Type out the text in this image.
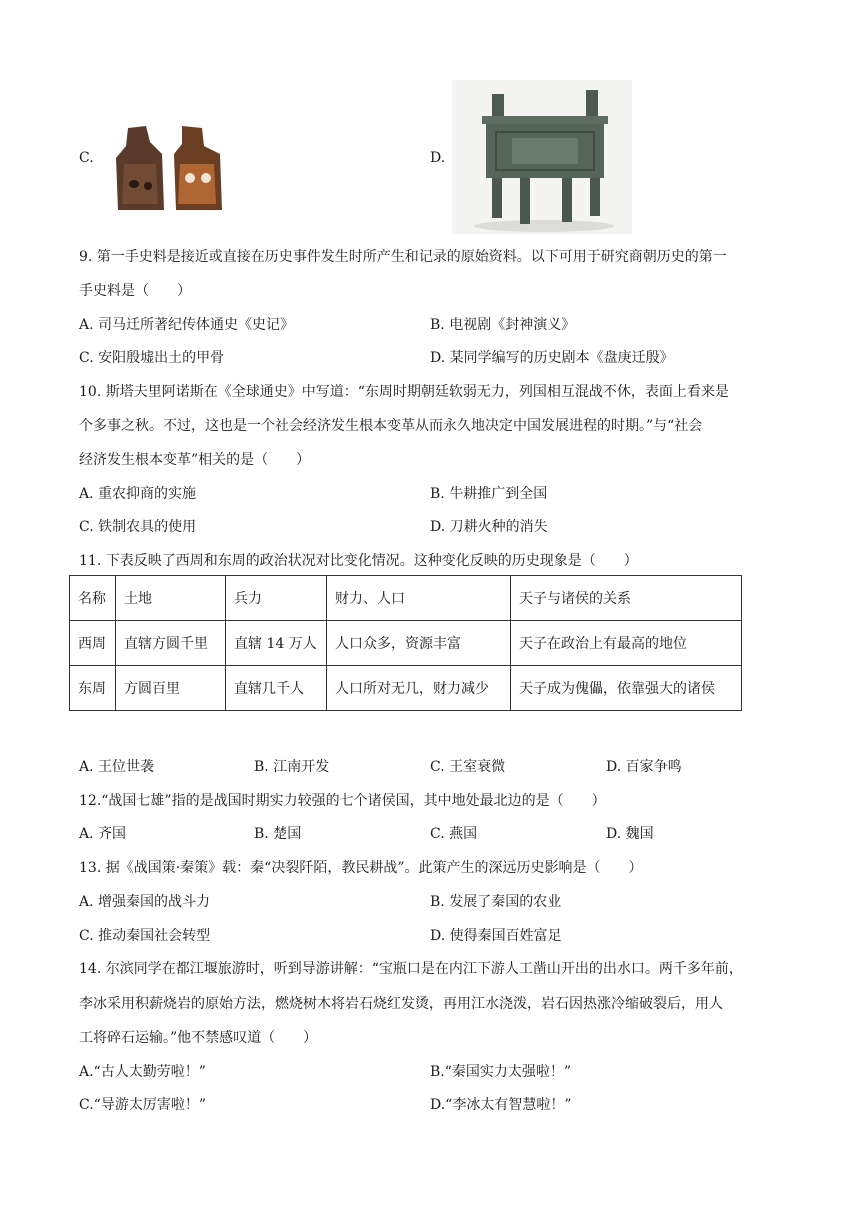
C.	D.
9. 第一手史料是接近或直接在历史事件发生时所产生和记录的原始资料。以下可用于研究商朝历史的第一
手史料是（　　）
A. 司马迁所著纪传体通史《史记》	B. 电视剧《封神演义》
C. 安阳殷墟出土的甲骨	D. 某同学编写的历史剧本《盘庚迁殷》
10. 斯塔夫里阿诺斯在《全球通史》中写道：“东周时期朝廷软弱无力，列国相互混战不休，表面上看来是
个多事之秋。不过，这也是一个社会经济发生根本变革从而永久地决定中国发展进程的时期。”与“社会
经济发生根本变革”相关的是（　　）
A. 重农抑商的实施	B. 牛耕推广到全国
C. 铁制农具的使用	D. 刀耕火种的消失
11. 下表反映了西周和东周的政治状况对比变化情况。这种变化反映的历史现象是（　　）
名称	土地	兵力	财力、人口	天子与诸侯的关系
西周	直辖方圆千里	直辖 14 万人	人口众多，资源丰富	天子在政治上有最高的地位
东周	方圆百里	直辖几千人	人口所对无几，财力减少	天子成为傀儡，依靠强大的诸侯
A. 王位世袭	B. 江南开发	C. 王室衰微	D. 百家争鸣
12.“战国七雄”指的是战国时期实力较强的七个诸侯国，其中地处最北边的是（　　）
A. 齐国	B. 楚国	C. 燕国	D. 魏国
13. 据《战国策·秦策》载：秦“决裂阡陌，教民耕战”。此策产生的深远历史影响是（　　）
A. 增强秦国的战斗力	B. 发展了秦国的农业
C. 推动秦国社会转型	D. 使得秦国百姓富足
14. 尔滨同学在都江堰旅游时，听到导游讲解：“宝瓶口是在内江下游人工凿山开出的出水口。两千多年前，
李冰采用积薪烧岩的原始方法，燃烧树木将岩石烧红发烫，再用江水浇泼，岩石因热涨冷缩破裂后，用人
工将碎石运输。”他不禁感叹道（　　）
A.“古人太勤劳啦！”	B.“秦国实力太强啦！”
C.“导游太厉害啦！”	D.“李冰太有智慧啦！”
